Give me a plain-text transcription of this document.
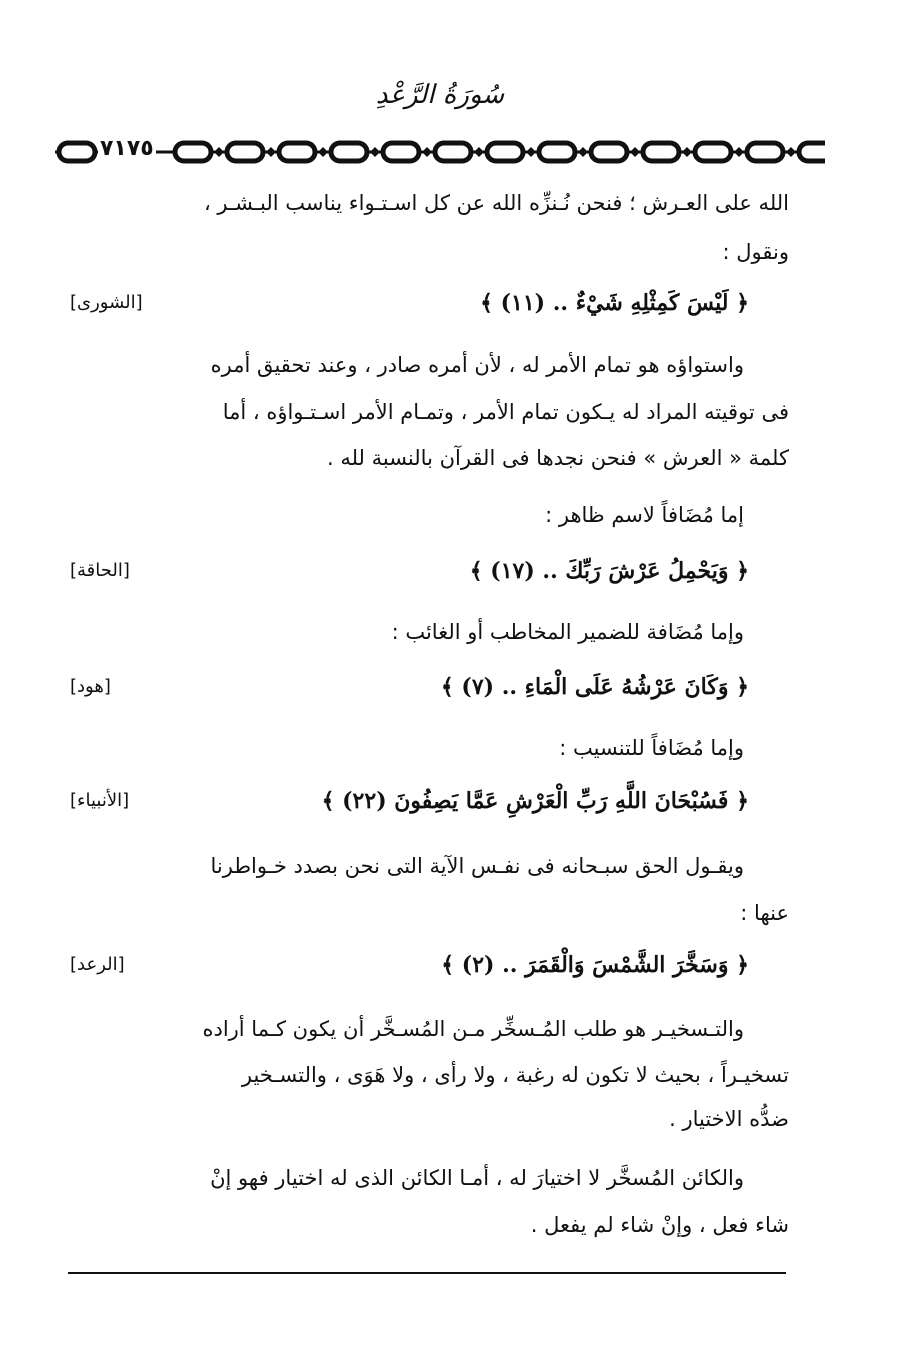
سُورَةُ الرَّعْدِ
٧١٧٥
الله على العـرش ؛ فنحن نُـنزِّه الله عن كل اسـتـواء يناسب البـشـر ،
ونقول :
﴿ لَيْسَ كَمِثْلِهِ شَيْءٌ .. (١١) ﴾
[الشورى]
واستواؤه هو تمام الأمر له ، لأن أمره صادر ، وعند تحقيق أمره
فى توقيته المراد له يـكون تمام الأمر ، وتمـام الأمر اسـتـواؤه ، أما
كلمة « العرش » فنحن نجدها فى القرآن بالنسبة لله .
إما مُضَافاً لاسم ظاهر :
﴿ وَيَحْمِلُ عَرْشَ رَبِّكَ .. (١٧) ﴾
[الحاقة]
وإما مُضَافة للضمير المخاطب أو الغائب :
﴿ وَكَانَ عَرْشُهُ عَلَى الْمَاءِ .. (٧) ﴾
[هود]
وإما مُضَافاً للتنسيب :
﴿ فَسُبْحَانَ اللَّهِ رَبِّ الْعَرْشِ عَمَّا يَصِفُونَ (٢٢) ﴾
[الأنبياء]
ويقـول الحق سبـحانه فى نفـس الآية التى نحن بصدد خـواطرنا
عنها :
﴿ وَسَخَّرَ الشَّمْسَ وَالْقَمَرَ .. (٢) ﴾
[الرعد]
والتـسخيـر هو طلب المُـسخِّر مـن المُسـخَّر أن يكون كـما أراده
تسخيـراً ، بحيث لا تكون له رغبة ، ولا رأى ، ولا هَوَى ، والتسـخير
ضدُّه الاختيار .
والكائن المُسخَّر لا اختيارَ له ، أمـا الكائن الذى له اختيار فهو إنْ
شاء فعل ، وإنْ شاء لم يفعل .
